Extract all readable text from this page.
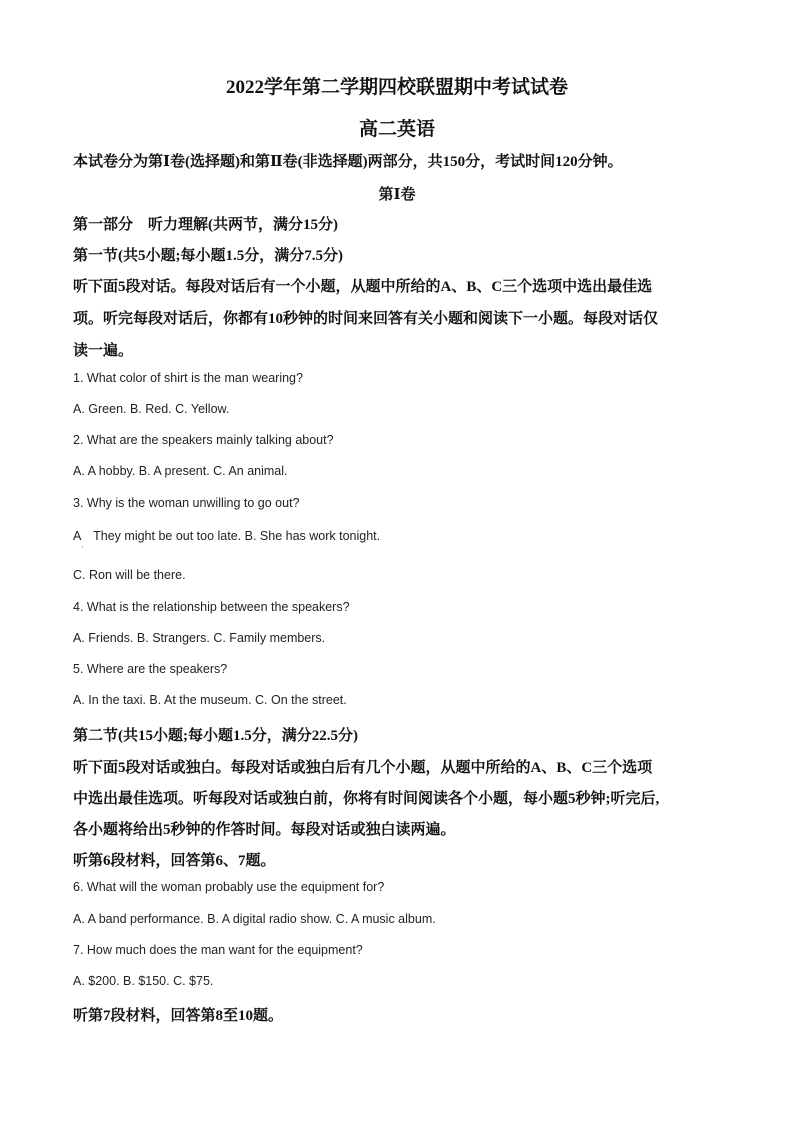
2022学年第二学期四校联盟期中考试试卷
高二英语
本试卷分为第Ⅰ卷(选择题)和第Ⅱ卷(非选择题)两部分，共150分，考试时间120分钟。
第Ⅰ卷
第一部分　听力理解(共两节，满分15分)
第一节(共5小题;每小题1.5分，满分7.5分)
听下面5段对话。每段对话后有一个小题，从题中所给的A、B、C三个选项中选出最佳选
项。听完每段对话后，你都有10秒钟的时间来回答有关小题和阅读下一小题。每段对话仅
读一遍。
1. What color of shirt is the man wearing?
A. Green. B. Red. C. Yellow.
2. What are the speakers mainly talking about?
A. A hobby. B. A present. C. An animal.
3. Why is the woman unwilling to go out?
A　They might be out too late. B. She has work tonight.
·
C. Ron will be there.
4. What is the relationship between the speakers?
A. Friends. B. Strangers. C. Family members.
5. Where are the speakers?
A. In the taxi. B. At the museum. C. On the street.
第二节(共15小题;每小题1.5分，满分22.5分)
听下面5段对话或独白。每段对话或独白后有几个小题，从题中所给的A、B、C三个选项
中选出最佳选项。听每段对话或独白前，你将有时间阅读各个小题，每小题5秒钟;听完后,
各小题将给出5秒钟的作答时间。每段对话或独白读两遍。
听第6段材料，回答第6、7题。
6. What will the woman probably use the equipment for?
A. A band performance. B. A digital radio show. C. A music album.
7. How much does the man want for the equipment?
A. $200. B. $150. C. $75.
听第7段材料，回答第8至10题。
